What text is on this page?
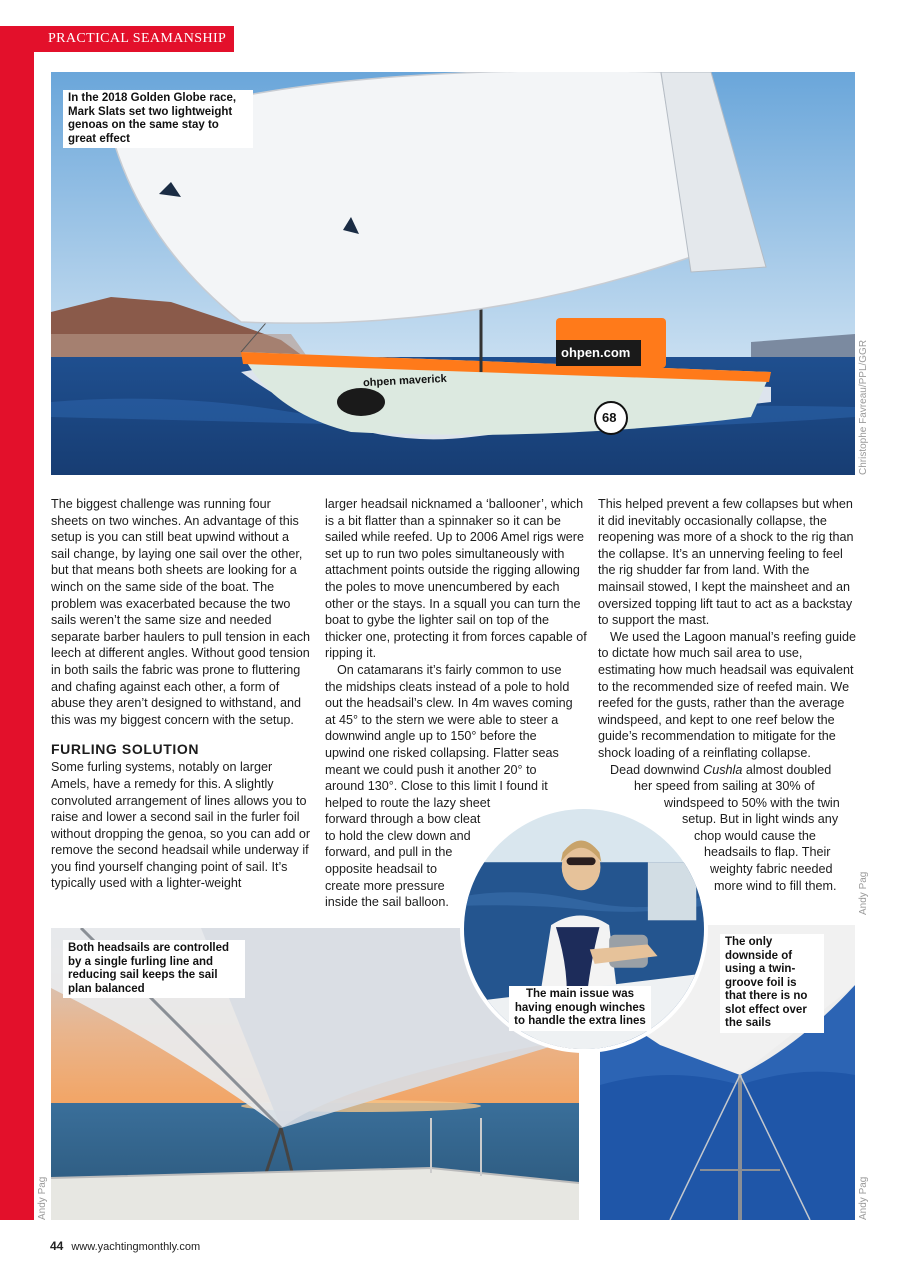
PRACTICAL SEAMANSHIP
In the 2018 Golden Globe race, Mark Slats set two lightweight genoas on the same stay to great effect
ohpen maverick
ohpen.com
68	Christophe Favreau/PPL/GGR

The biggest challenge was running four sheets on two winches. An advantage of this setup is you can still beat upwind without a sail change, by laying one sail over the other, but that means both sheets are looking for a winch on the same side of the boat. The problem was exacerbated because the two sails weren’t the same size and needed separate barber haulers to pull tension in each leech at different angles. Without good tension in both sails the fabric was prone to fluttering and chafing against each other, a form of abuse they aren’t designed to withstand, and this was my biggest concern with the setup.

FURLING SOLUTION

Some furling systems, notably on larger Amels, have a remedy for this. A slightly convoluted arrangement of lines allows you to raise and lower a second sail in the furler foil without dropping the genoa, so you can add or remove the second headsail while underway if you find yourself changing point of sail. It’s typically used with a lighter-weight

larger headsail nicknamed a ‘ballooner’, which is a bit flatter than a spinnaker so it can be sailed while reefed. Up to 2006 Amel rigs were set up to run two poles simultaneously with attachment points outside the rigging allowing the poles to move unencumbered by each other or the stays. In a squall you can turn the boat to gybe the lighter sail on top of the thicker one, protecting it from forces capable of ripping it.

On catamarans it’s fairly common to use
the midships cleats instead of a pole to hold
out the headsail’s clew. In 4m waves coming
at 45° to the stern we were able to steer a
downwind angle up to 150° before the
upwind one risked collapsing. Flatter seas
meant we could push it another 20° to
around 130°. Close to this limit I found it
helped to route the lazy sheet
forward through a bow cleat
to hold the clew down and
forward, and pull in the
opposite headsail to
create more pressure
inside the sail balloon.

This helped prevent a few collapses but when it did inevitably occasionally collapse, the reopening was more of a shock to the rig than the collapse. It’s an unnerving feeling to feel the rig shudder far from land. With the mainsail stowed, I kept the mainsheet and an oversized topping lift taut to act as a backstay to support the mast.

We used the Lagoon manual’s reefing guide to dictate how much sail area to use, estimating how much headsail was equivalent to the recommended size of reefed main. We reefed for the gusts, rather than the average windspeed, and kept to one reef below the guide’s recommendation to mitigate for the shock loading of a reinflating collapse.

Dead downwind Cushla almost doubled
her speed from sailing at 30% of
windspeed to 50% with the twin
setup. But in light winds any
chop would cause the
headsails to flap. Their
weighty fabric needed
more wind to fill them.
Both headsails are controlled by a single furling line and reducing sail keeps the sail plan balanced
Andy Pag	Andy Pag
The main issue was having enough winches to handle the extra lines
Andy Pag
The only downside of using a twin-groove foil is that there is no slot effect over the sails
44 www.yachtingmonthly.com
